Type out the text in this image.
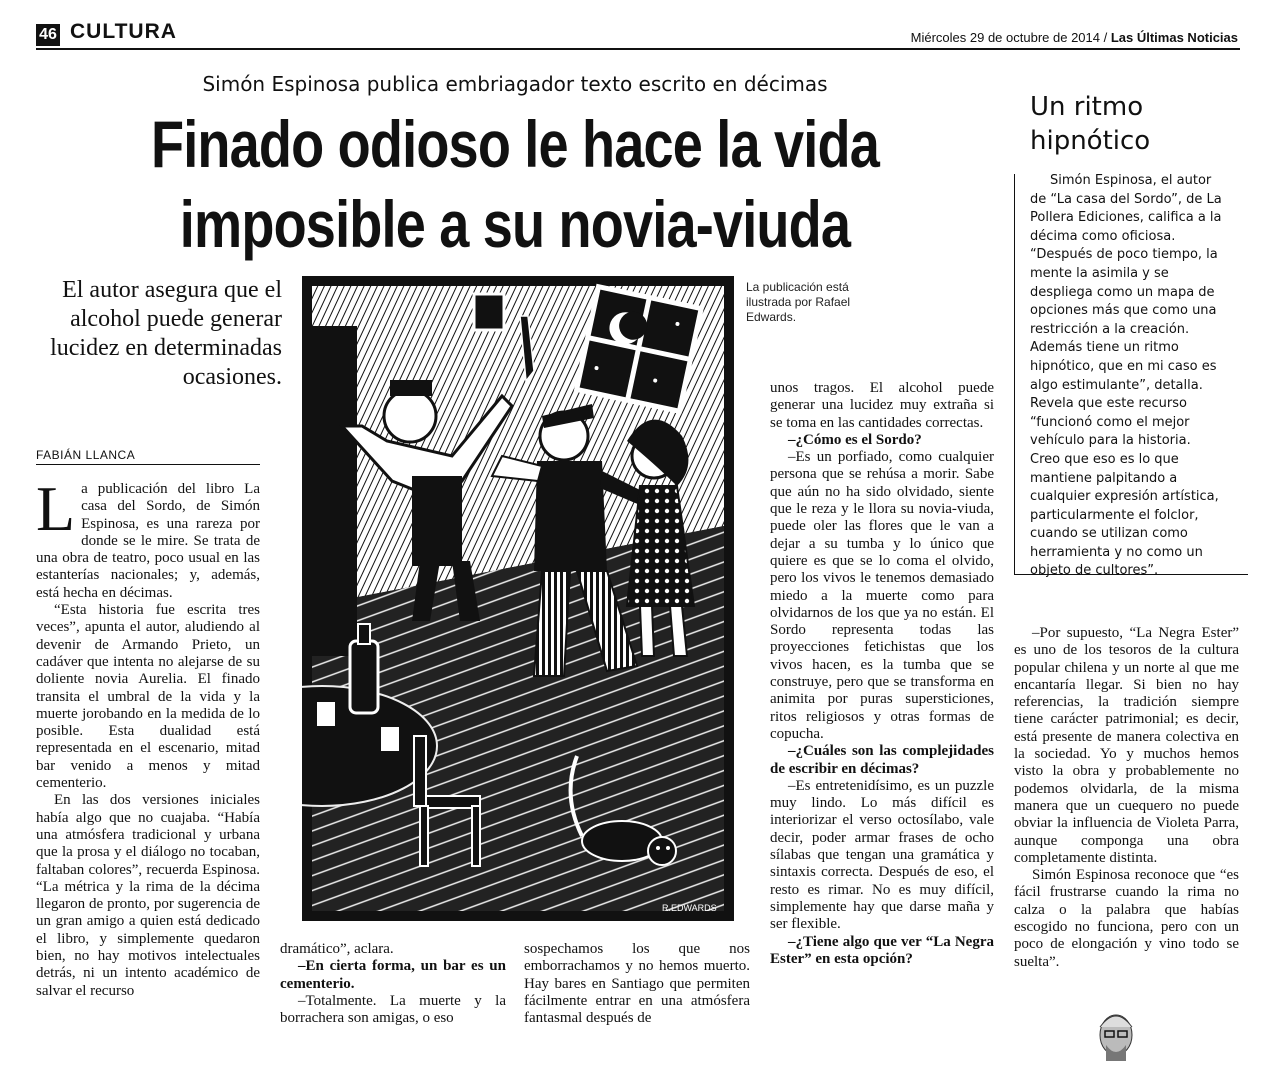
46 CULTURA	Miércoles 29 de octubre de 2014 / Las Últimas Noticias
Simón Espinosa publica embriagador texto escrito en décimas
Finado odioso le hace la vida
imposible a su novia-viuda
El autor asegura que el alcohol puede generar lucidez en determinadas ocasiones.
FABIÁN LLANCA

La publicación del libro La casa del Sordo, de Simón Espinosa, es una rareza por donde se le mire. Se trata de una obra de teatro, poco usual en las estanterías nacionales; y, además, está hecha en décimas.

“Esta historia fue escrita tres veces”, apunta el autor, aludiendo al devenir de Armando Prieto, un cadáver que intenta no alejarse de su doliente novia Aurelia. El finado transita el umbral de la vida y la muerte jorobando en la medida de lo posible. Esta dualidad está representada en el escenario, mitad bar venido a menos y mitad cementerio.

En las dos versiones iniciales había algo que no cuajaba. “Había una atmósfera tradicional y urbana que la prosa y el diálogo no tocaban, faltaban colores”, recuerda Espinosa. “La métrica y la rima de la décima llegaron de pronto, por sugerencia de un gran amigo a quien está dedicado el libro, y simplemente quedaron bien, no hay motivos intelectuales detrás, ni un intento académico de salvar el recurso

R.EDWARDS
La publicación está ilustrada por Rafael Edwards.

dramático”, aclara.

–En cierta forma, un bar es un cementerio.

–Totalmente. La muerte y la borrachera son amigas, o eso

sospechamos los que nos emborrachamos y no hemos muerto. Hay bares en Santiago que permiten fácilmente entrar en una atmósfera fantasmal después de

unos tragos. El alcohol puede generar una lucidez muy extraña si se toma en las cantidades correctas.

–¿Cómo es el Sordo?

–Es un porfiado, como cualquier persona que se rehúsa a morir. Sabe que aún no ha sido olvidado, siente que le reza y le llora su novia-viuda, puede oler las flores que le van a dejar a su tumba y lo único que quiere es que se lo coma el olvido, pero los vivos le tenemos demasiado miedo a la muerte como para olvidarnos de los que ya no están. El Sordo representa todas las proyecciones fetichistas que los vivos hacen, es la tumba que se construye, pero que se transforma en animita por puras supersticiones, ritos religiosos y otras formas de copucha.

–¿Cuáles son las complejidades de escribir en décimas?

–Es entretenidísimo, es un puzzle muy lindo. Lo más difícil es interiorizar el verso octosílabo, vale decir, poder armar frases de ocho sílabas que tengan una gramática y sintaxis correcta. Después de eso, el resto es rimar. No es muy difícil, simplemente hay que darse maña y ser flexible.

–¿Tiene algo que ver “La Negra Ester” en esta opción?

Un ritmo hipnótico

Simón Espinosa, el autor de “La casa del Sordo”, de La Pollera Ediciones, califica a la décima como oficiosa. “Después de poco tiempo, la mente la asimila y se despliega como un mapa de opciones más que como una restricción a la creación. Además tiene un ritmo hipnótico, que en mi caso es algo estimulante”, detalla. Revela que este recurso “funcionó como el mejor vehículo para la historia. Creo que eso es lo que mantiene palpitando a cualquier expresión artística, particularmente el folclor, cuando se utilizan como herramienta y no como un objeto de cultores”.

–Por supuesto, “La Negra Ester” es uno de los tesoros de la cultura popular chilena y un norte al que me encantaría llegar. Si bien no hay referencias, la tradición siempre tiene carácter patrimonial; es decir, está presente de manera colectiva en la sociedad. Yo y muchos hemos visto la obra y probablemente no podemos olvidarla, de la misma manera que un cuequero no puede obviar la influencia de Violeta Parra, aunque componga una obra completamente distinta.

Simón Espinosa reconoce que “es fácil frustrarse cuando la rima no calza o la palabra que habías escogido no funciona, pero con un poco de elongación y vino todo se suelta”.
